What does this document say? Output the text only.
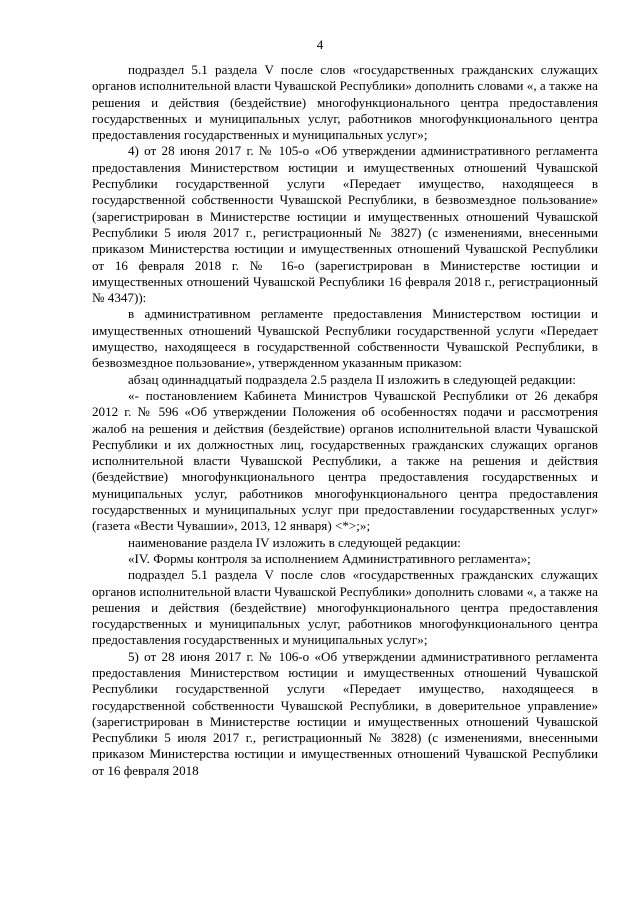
4

подраздел 5.1 раздела V после слов «государственных гражданских служащих органов исполнительной власти Чувашской Республики» дополнить словами «, а также на решения и действия (бездействие) многофункционального центра предоставления государственных и муниципальных услуг, работников многофункционального центра предоставления государственных и муниципальных услуг»;

4) от 28 июня 2017 г. № 105-о «Об утверждении административного регламента предоставления Министерством юстиции и имущественных отношений Чувашской Республики государственной услуги «Передает имущество, находящееся в государственной собственности Чувашской Республики, в безвозмездное пользование» (зарегистрирован в Министерстве юстиции и имущественных отношений Чувашской Республики 5 июля 2017 г., регистрационный № 3827) (с изменениями, внесенными приказом Министерства юстиции и имущественных отношений Чувашской Республики от 16 февраля 2018 г. № 16-о (зарегистрирован в Министерстве юстиции и имущественных отношений Чувашской Республики 16 февраля 2018 г., регистрационный № 4347)):

в административном регламенте предоставления Министерством юстиции и имущественных отношений Чувашской Республики государственной услуги «Передает имущество, находящееся в государственной собственности Чувашской Республики, в безвозмездное пользование», утвержденном указанным приказом:

абзац одиннадцатый подраздела 2.5 раздела II изложить в следующей редакции:

«- постановлением Кабинета Министров Чувашской Республики от 26 декабря 2012 г. № 596 «Об утверждении Положения об особенностях подачи и рассмотрения жалоб на решения и действия (бездействие) органов исполнительной власти Чувашской Республики и их должностных лиц, государственных гражданских служащих органов исполнительной власти Чувашской Республики, а также на решения и действия (бездействие) многофункционального центра предоставления государственных и муниципальных услуг, работников многофункционального центра предоставления государственных и муниципальных услуг при предоставлении государственных услуг» (газета «Вести Чувашии», 2013, 12 января) <*>;»;

наименование раздела IV изложить в следующей редакции:

«IV. Формы контроля за исполнением Административного регламента»;

подраздел 5.1 раздела V после слов «государственных гражданских служащих органов исполнительной власти Чувашской Республики» дополнить словами «, а также на решения и действия (бездействие) многофункционального центра предоставления государственных и муниципальных услуг, работников многофункционального центра предоставления государственных и муниципальных услуг»;

5) от 28 июня 2017 г. № 106-о «Об утверждении административного регламента предоставления Министерством юстиции и имущественных отношений Чувашской Республики государственной услуги «Передает имущество, находящееся в государственной собственности Чувашской Республики, в доверительное управление» (зарегистрирован в Министерстве юстиции и имущественных отношений Чувашской Республики 5 июля 2017 г., регистрационный № 3828) (с изменениями, внесенными приказом Министерства юстиции и имущественных отношений Чувашской Республики от 16 февраля 2018
